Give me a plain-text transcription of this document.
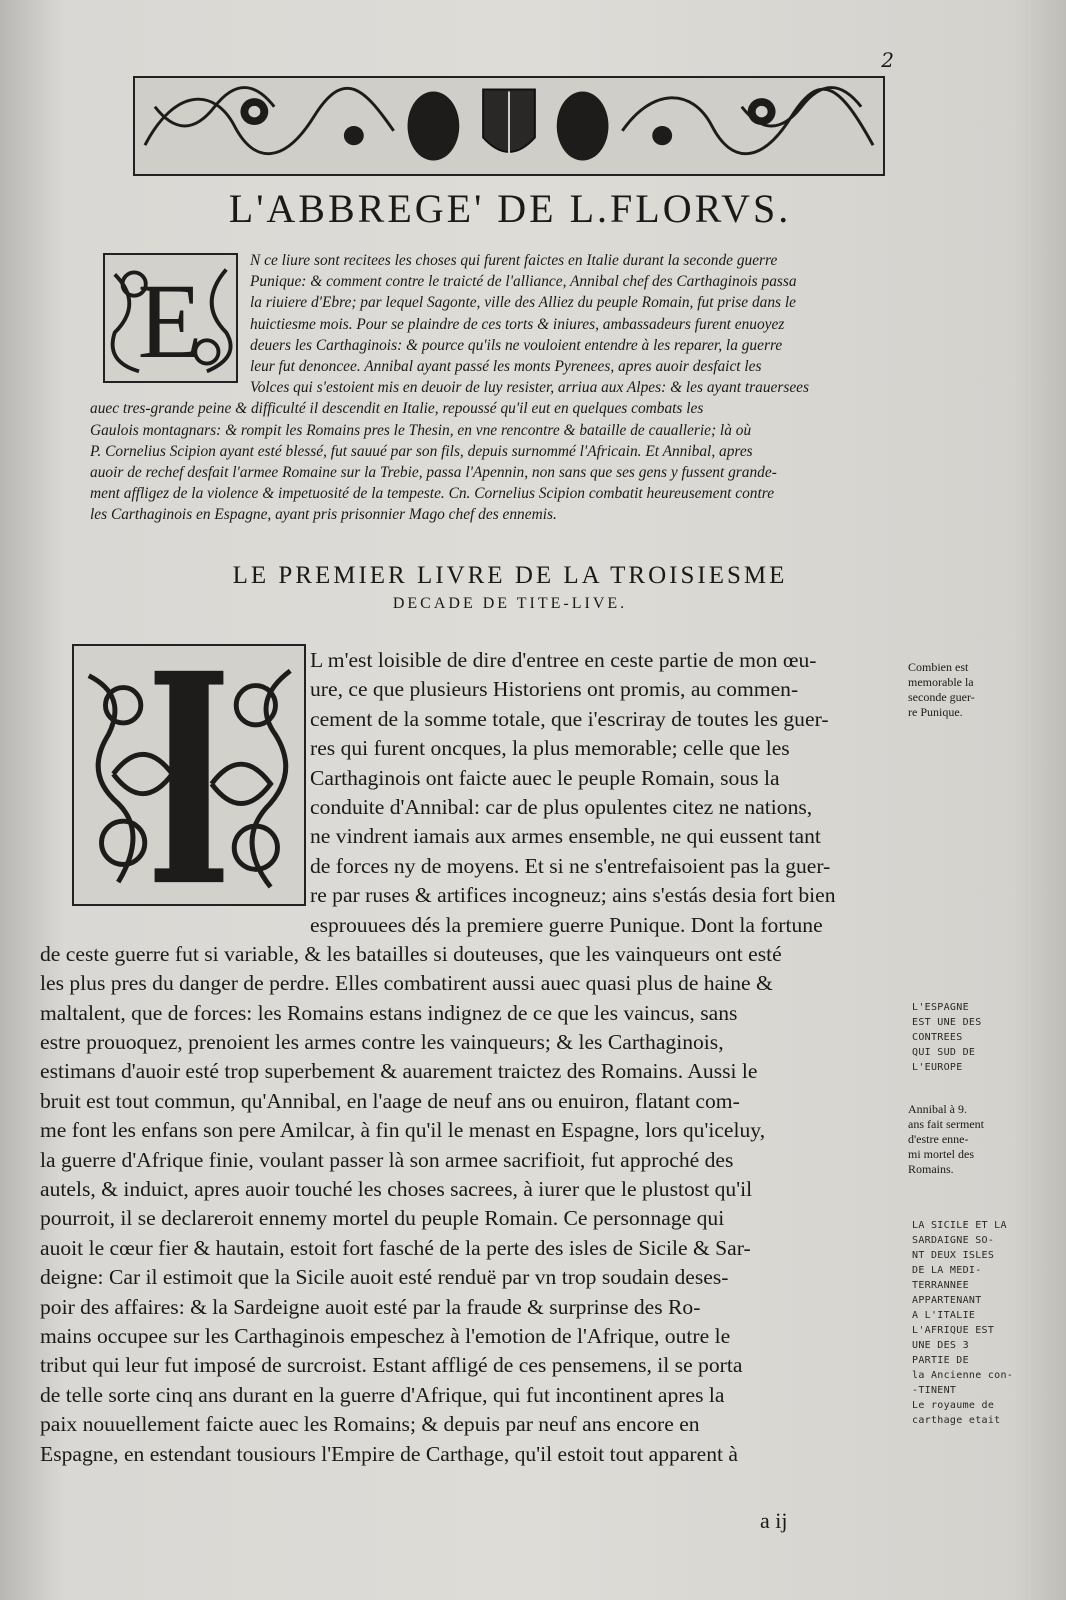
2
L'ABBREGE' DE L.FLORVS.
E
N ce liure sont recitees les choses qui furent faictes en Italie durant la seconde guerre
Punique: & comment contre le traicté de l'alliance, Annibal chef des Carthaginois passa
la riuiere d'Ebre; par lequel Sagonte, ville des Alliez du peuple Romain, fut prise dans le
huictiesme mois. Pour se plaindre de ces torts & iniures, ambassadeurs furent enuoyez
deuers les Carthaginois: & pource qu'ils ne vouloient entendre à les reparer, la guerre
leur fut denoncee. Annibal ayant passé les monts Pyrenees, apres auoir desfaict les
Volces qui s'estoient mis en deuoir de luy resister, arriua aux Alpes: & les ayant trauersees
auec tres-grande peine & difficulté il descendit en Italie, repoussé qu'il eut en quelques combats les
Gaulois montagnars: & rompit les Romains pres le Thesin, en vne rencontre & bataille de cauallerie; là où
P. Cornelius Scipion ayant esté blessé, fut sauué par son fils, depuis surnommé l'Africain. Et Annibal, apres
auoir de rechef desfait l'armee Romaine sur la Trebie, passa l'Apennin, non sans que ses gens y fussent grande-
ment affligez de la violence & impetuosité de la tempeste. Cn. Cornelius Scipion combatit heureusement contre
les Carthaginois en Espagne, ayant pris prisonnier Mago chef des ennemis.
LE PREMIER LIVRE DE LA TROISIESME
DECADE DE TITE-LIVE.
L m'est loisible de dire d'entree en ceste partie de mon œu-
ure, ce que plusieurs Historiens ont promis, au commen-
cement de la somme totale, que i'escriray de toutes les guer-
res qui furent oncques, la plus memorable; celle que les
Carthaginois ont faicte auec le peuple Romain, sous la
conduite d'Annibal: car de plus opulentes citez ne nations,
ne vindrent iamais aux armes ensemble, ne qui eussent tant
de forces ny de moyens. Et si ne s'entrefaisoient pas la guer-
re par ruses & artifices incogneuz; ains s'estás desia fort bien
esprouuees dés la premiere guerre Punique. Dont la fortune
de ceste guerre fut si variable, & les batailles si douteuses, que les vainqueurs ont esté
les plus pres du danger de perdre. Elles combatirent aussi auec quasi plus de haine &
maltalent, que de forces: les Romains estans indignez de ce que les vaincus, sans
estre prouoquez, prenoient les armes contre les vainqueurs; & les Carthaginois,
estimans d'auoir esté trop superbement & auarement traictez des Romains. Aussi le
bruit est tout commun, qu'Annibal, en l'aage de neuf ans ou enuiron, flatant com-
me font les enfans son pere Amilcar, à fin qu'il le menast en Espagne, lors qu'iceluy,
la guerre d'Afrique finie, voulant passer là son armee sacrifioit, fut approché des
autels, & induict, apres auoir touché les choses sacrees, à iurer que le plustost qu'il
pourroit, il se declareroit ennemy mortel du peuple Romain. Ce personnage qui
auoit le cœur fier & hautain, estoit fort fasché de la perte des isles de Sicile & Sar-
deigne: Car il estimoit que la Sicile auoit esté renduë par vn trop soudain deses-
poir des affaires: & la Sardeigne auoit esté par la fraude & surprinse des Ro-
mains occupee sur les Carthaginois empeschez à l'emotion de l'Afrique, outre le
tribut qui leur fut imposé de surcroist. Estant affligé de ces pensemens, il se porta
de telle sorte cinq ans durant en la guerre d'Afrique, qui fut incontinent apres la
paix nouuellement faicte auec les Romains; & depuis par neuf ans encore en
Espagne, en estendant tousiours l'Empire de Carthage, qu'il estoit tout apparent à
Combien est
memorable la
seconde guer-
re Punique.
L'ESPAGNE
EST UNE DES
CONTREES
QUI SUD DE
L'EUROPE
Annibal à 9.
ans fait serment
d'estre enne-
mi mortel des
Romains.
LA SICILE ET LA
SARDAIGNE SO-
NT DEUX ISLES
DE LA MEDI-
TERRANNEE
APPARTENANT
A L'ITALIE
L'AFRIQUE EST
UNE DES 3
PARTIE DE
la Ancienne con-
-TINENT
Le royaume de
carthage etait
a ij
